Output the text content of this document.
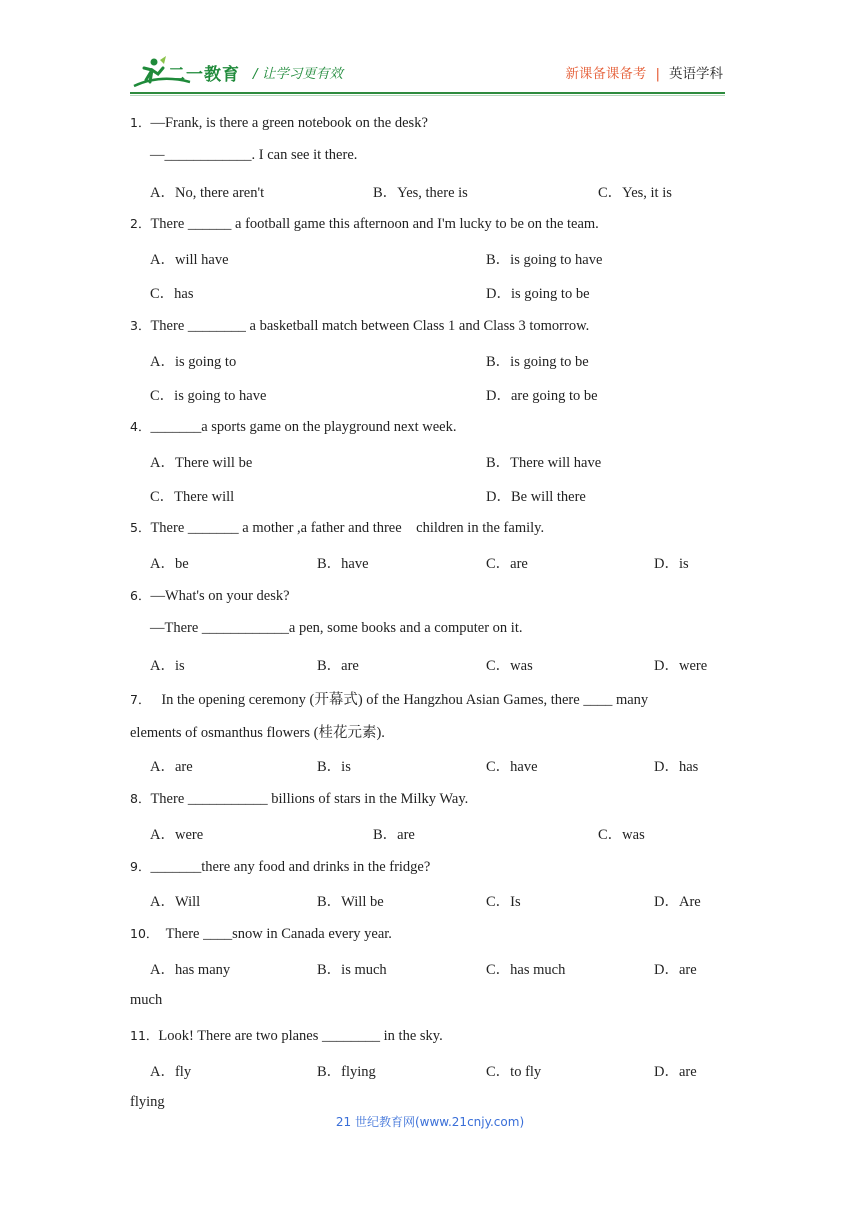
二一教育 / 让学习更有效	新课备课备考 | 英语学科
1．—Frank, is there a green notebook on the desk?
—____________. I can see it there.
A．No, there aren't	B．Yes, there is	C．Yes, it is
2．There ______ a football game this afternoon and I'm lucky to be on the team.
A．will have	B．is going to have
C．has	D．is going to be
3．There ________ a basketball match between Class 1 and Class 3 tomorrow.
A．is going to	B．is going to be
C．is going to have	D．are going to be
4．_______a sports game on the playground next week.
A．There will be	B．There will have
C．There will	D．Be will there
5．There _______ a mother ,a father and three    children in the family.
A．be	B．have	C．are	D．is
6．—What's on your desk?
—There ____________a pen, some books and a computer on it.
A．is	B．are	C．was	D．were
7． In the opening ceremony (开幕式) of the Hangzhou Asian Games, there ____ many
elements of osmanthus flowers (桂花元素).
A．are	B．is	C．have	D．has
8．There ___________ billions of stars in the Milky Way.
A．were	B．are	C．was
9．_______there any food and drinks in the fridge?
A．Will	B．Will be	C．Is	D．Are
10． There ____snow in Canada every year.
A．has many	B．is much	C．has much	D．are
much
11．Look! There are two planes ________ in the sky.
A．fly	B．flying	C．to fly	D．are
flying
21 世纪教育网(www.21cnjy.com)
